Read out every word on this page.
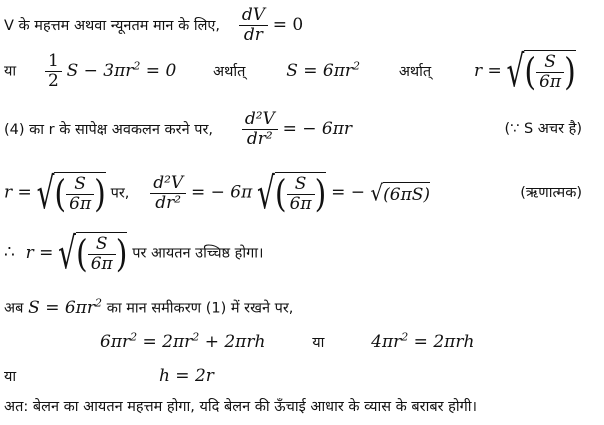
V के महत्तम अथवा न्यूनतम मान के लिए, $\frac{dV}{dr} = 0$
या $\frac{1}{2}$ $S - 3\pi r^2 = 0$	अर्थात् $S = 6\pi r^2$	अर्थात्	r = √( $\frac{S}{6\pi}$ )
(4) का r के सापेक्ष अवकलन करने पर, $\frac{\text{d²V}}{\text{dr²}}$ = − 6πr	(∵ S अचर है)
r = √( $\frac{S}{6\pi}$ ) पर, $\frac{\text{d²V}}{\text{dr²}}$ = − 6π √( $\frac{S}{6\pi}$ ) = − √(6πS)	(ऋणात्मक)
∴ r = √( $\frac{S}{6\pi}$ ) पर आयतन उच्चिष्ठ होगा।
अब $S = 6\pi r^2$ का मान समीकरण (1) में रखने पर,
$6\pi r^2 = 2\pi r^2 + 2\pi rh$	या	$4\pi r^2 = 2\pi rh$
या	h = 2r
अत: बेलन का आयतन महत्तम होगा, यदि बेलन की ऊँचाई आधार के व्यास के बराबर होगी।
